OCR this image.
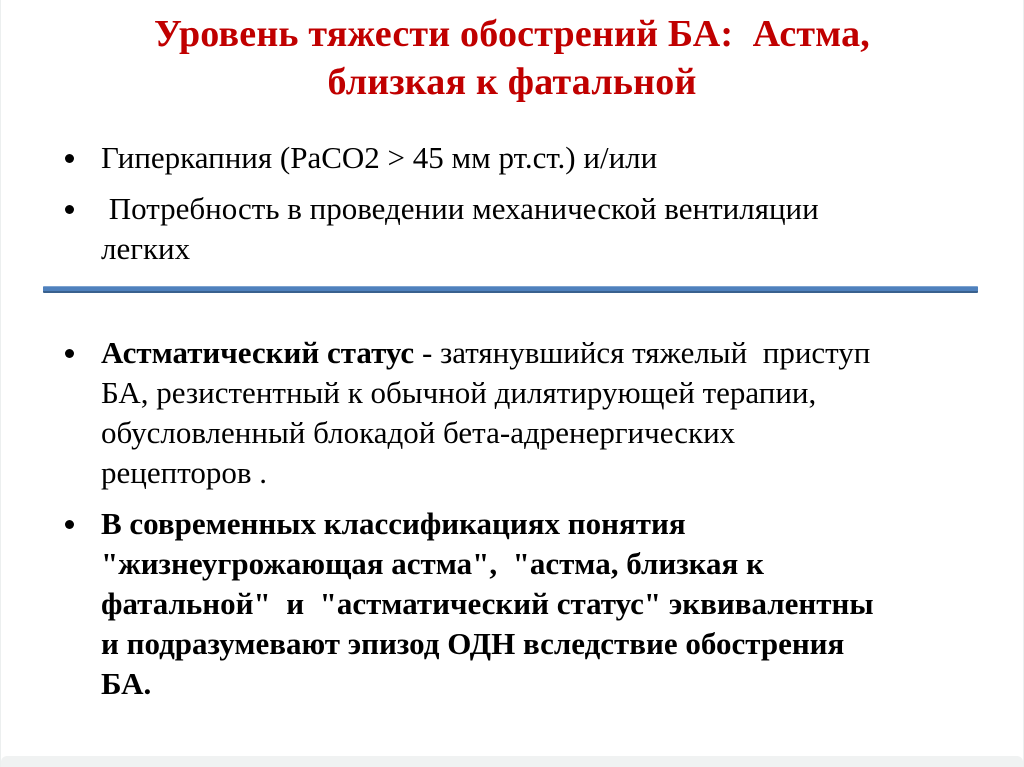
Уровень тяжести обострений БА:  Астма,
близкая к фатальной
Гиперкапния (РаСО2 > 45 мм рт.ст.) и/или
Потребность в проведении механической вентиляции легких
Астматический статус - затянувшийся тяжелый  приступ БА, резистентный к обычной дилятирующей терапии, обусловленный блокадой бета-адренергических рецепторов .
В современных классификациях понятия "жизнеугрожающая астма",  "астма, близкая к фатальной"  и  "астматический статус" эквивалентны и подразумевают эпизод ОДН вследствие обострения БА.
